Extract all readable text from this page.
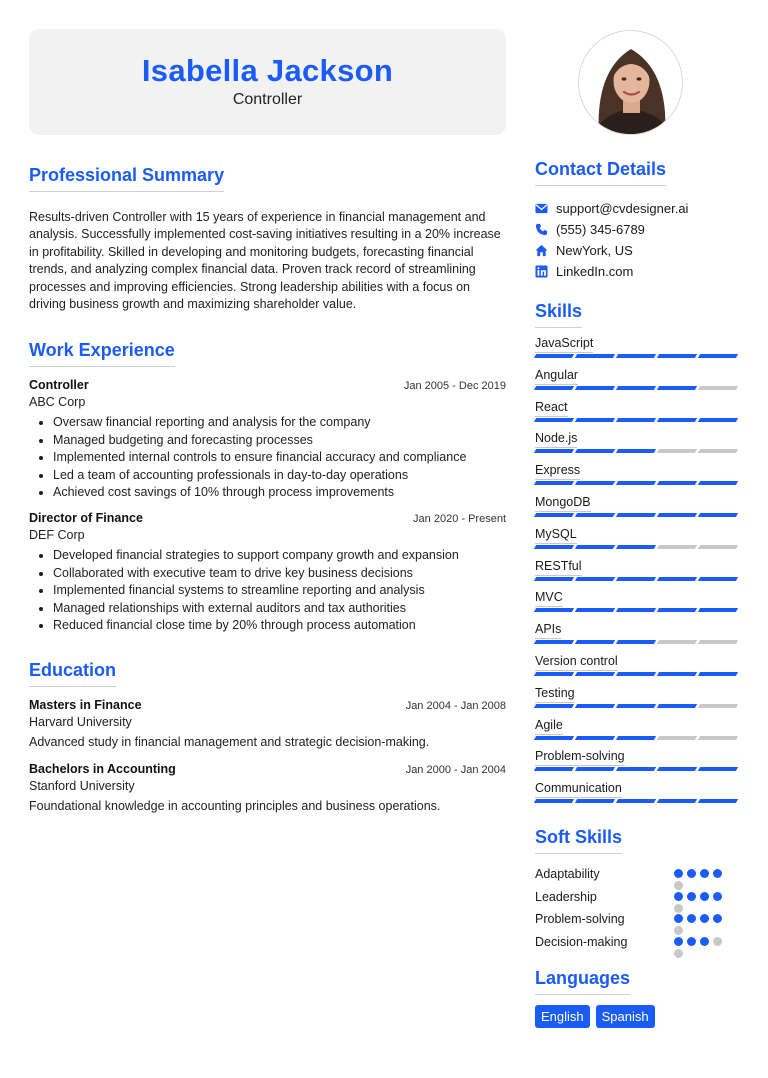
Isabella Jackson
Controller
Professional Summary

Results-driven Controller with 15 years of experience in financial management and analysis. Successfully implemented cost-saving initiatives resulting in a 20% increase in profitability. Skilled in developing and monitoring budgets, forecasting financial trends, and analyzing complex financial data. Proven track record of streamlining processes and improving efficiencies. Strong leadership abilities with a focus on driving business growth and maximizing shareholder value.

Work Experience
Controller	Jan 2005 - Dec 2019
ABC Corp
• Oversaw financial reporting and analysis for the company
• Managed budgeting and forecasting processes
• Implemented internal controls to ensure financial accuracy and compliance
• Led a team of accounting professionals in day-to-day operations
• Achieved cost savings of 10% through process improvements
Director of Finance	Jan 2020 - Present
DEF Corp
• Developed financial strategies to support company growth and expansion
• Collaborated with executive team to drive key business decisions
• Implemented financial systems to streamline reporting and analysis
• Managed relationships with external auditors and tax authorities
• Reduced financial close time by 20% through process automation
Education
Masters in Finance	Jan 2004 - Jan 2008
Harvard University
Advanced study in financial management and strategic decision-making.
Bachelors in Accounting	Jan 2000 - Jan 2004
Stanford University
Foundational knowledge in accounting principles and business operations.
Contact Details
support@cvdesigner.ai
(555) 345-6789
NewYork, US
LinkedIn.com
Skills
JavaScript
Angular
React
Node.js
Express
MongoDB
MySQL
RESTful
MVC
APIs
Version control
Testing
Agile
Problem-solving
Communication
Soft Skills
Adaptability
Leadership
Problem-solving
Decision-making
Languages
English	Spanish
